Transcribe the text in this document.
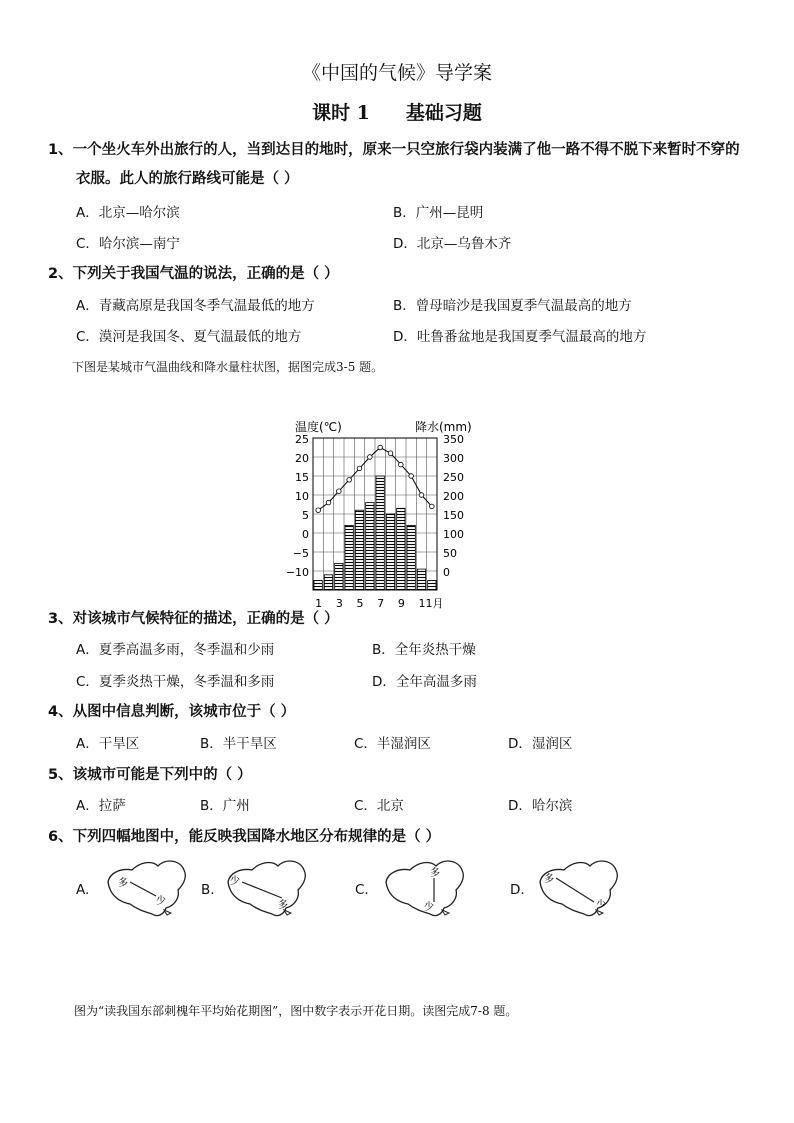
《中国的气候》导学案
课时 1 基础习题
1、一个坐火车外出旅行的人，当到达目的地时，原来一只空旅行袋内装满了他一路不得不脱下来暂时不穿的
衣服。此人的旅行路线可能是（ ）
A．北京—哈尔滨	B．广州—昆明
C．哈尔滨—南宁	D．北京—乌鲁木齐
2、下列关于我国气温的说法，正确的是（ ）
A．青藏高原是我国冬季气温最低的地方	B．曾母暗沙是我国夏季气温最高的地方
C．漠河是我国冬、夏气温最低的地方	D．吐鲁番盆地是我国夏季气温最高的地方
下图是某城市气温曲线和降水量柱状图，据图完成3-5 题。
温度(℃)	降水(mm)
25
20
15
10
5
0
−5
−10
350
300
250
200
150
100
50
0
1 3 5 7 9 11月
3、对该城市气候特征的描述，正确的是（ ）
A．夏季高温多雨，冬季温和少雨	B．全年炎热干燥
C．夏季炎热干燥，冬季温和多雨	D．全年高温多雨
4、从图中信息判断，该城市位于（ ）
A．干旱区	B．半干旱区	C．半湿润区	D．湿润区
5、该城市可能是下列中的（ ）
A．拉萨	B．广州	C．北京	D．哈尔滨
6、下列四幅地图中，能反映我国降水地区分布规律的是（ ）
A.	多
少
B.
少
多
C.
多
少
D.
多
少
图为“读我国东部刺槐年平均始花期图”，图中数字表示开花日期。读图完成7-8 题。
